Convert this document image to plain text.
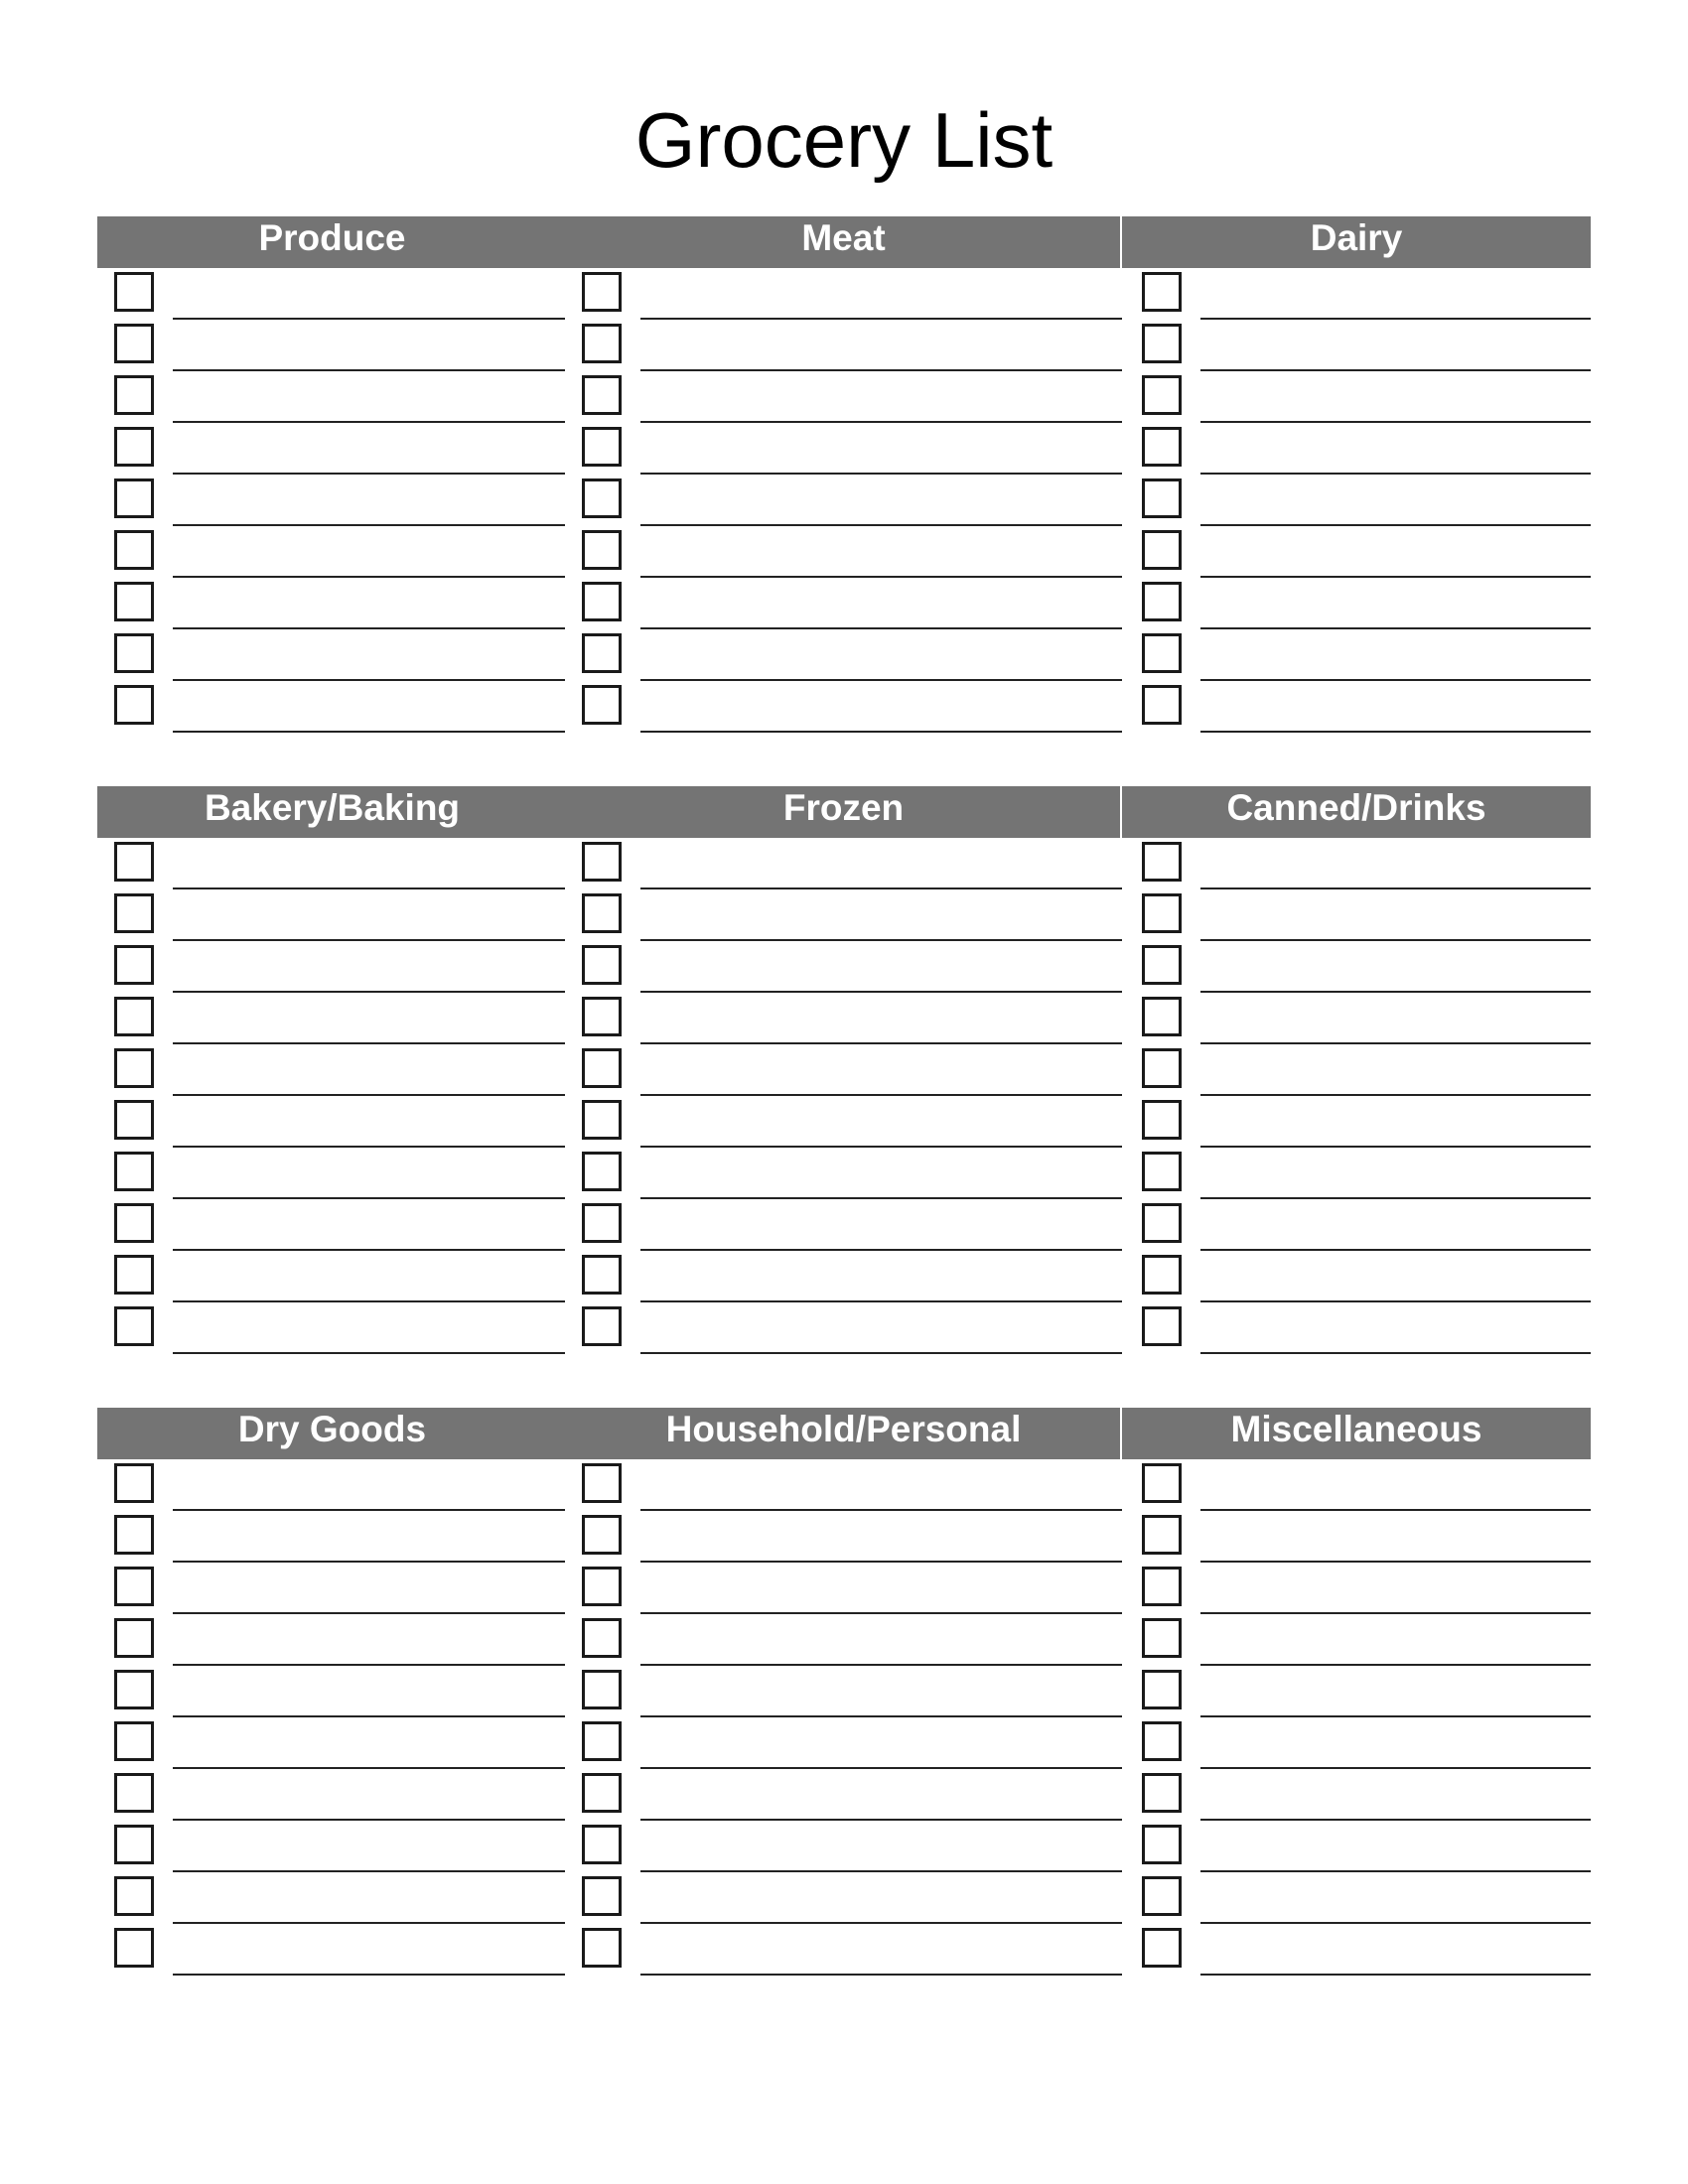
Grocery List
Produce	Meat	Dairy
Bakery/Baking	Frozen	Canned/Drinks
Dry Goods	Household/Personal	Miscellaneous
